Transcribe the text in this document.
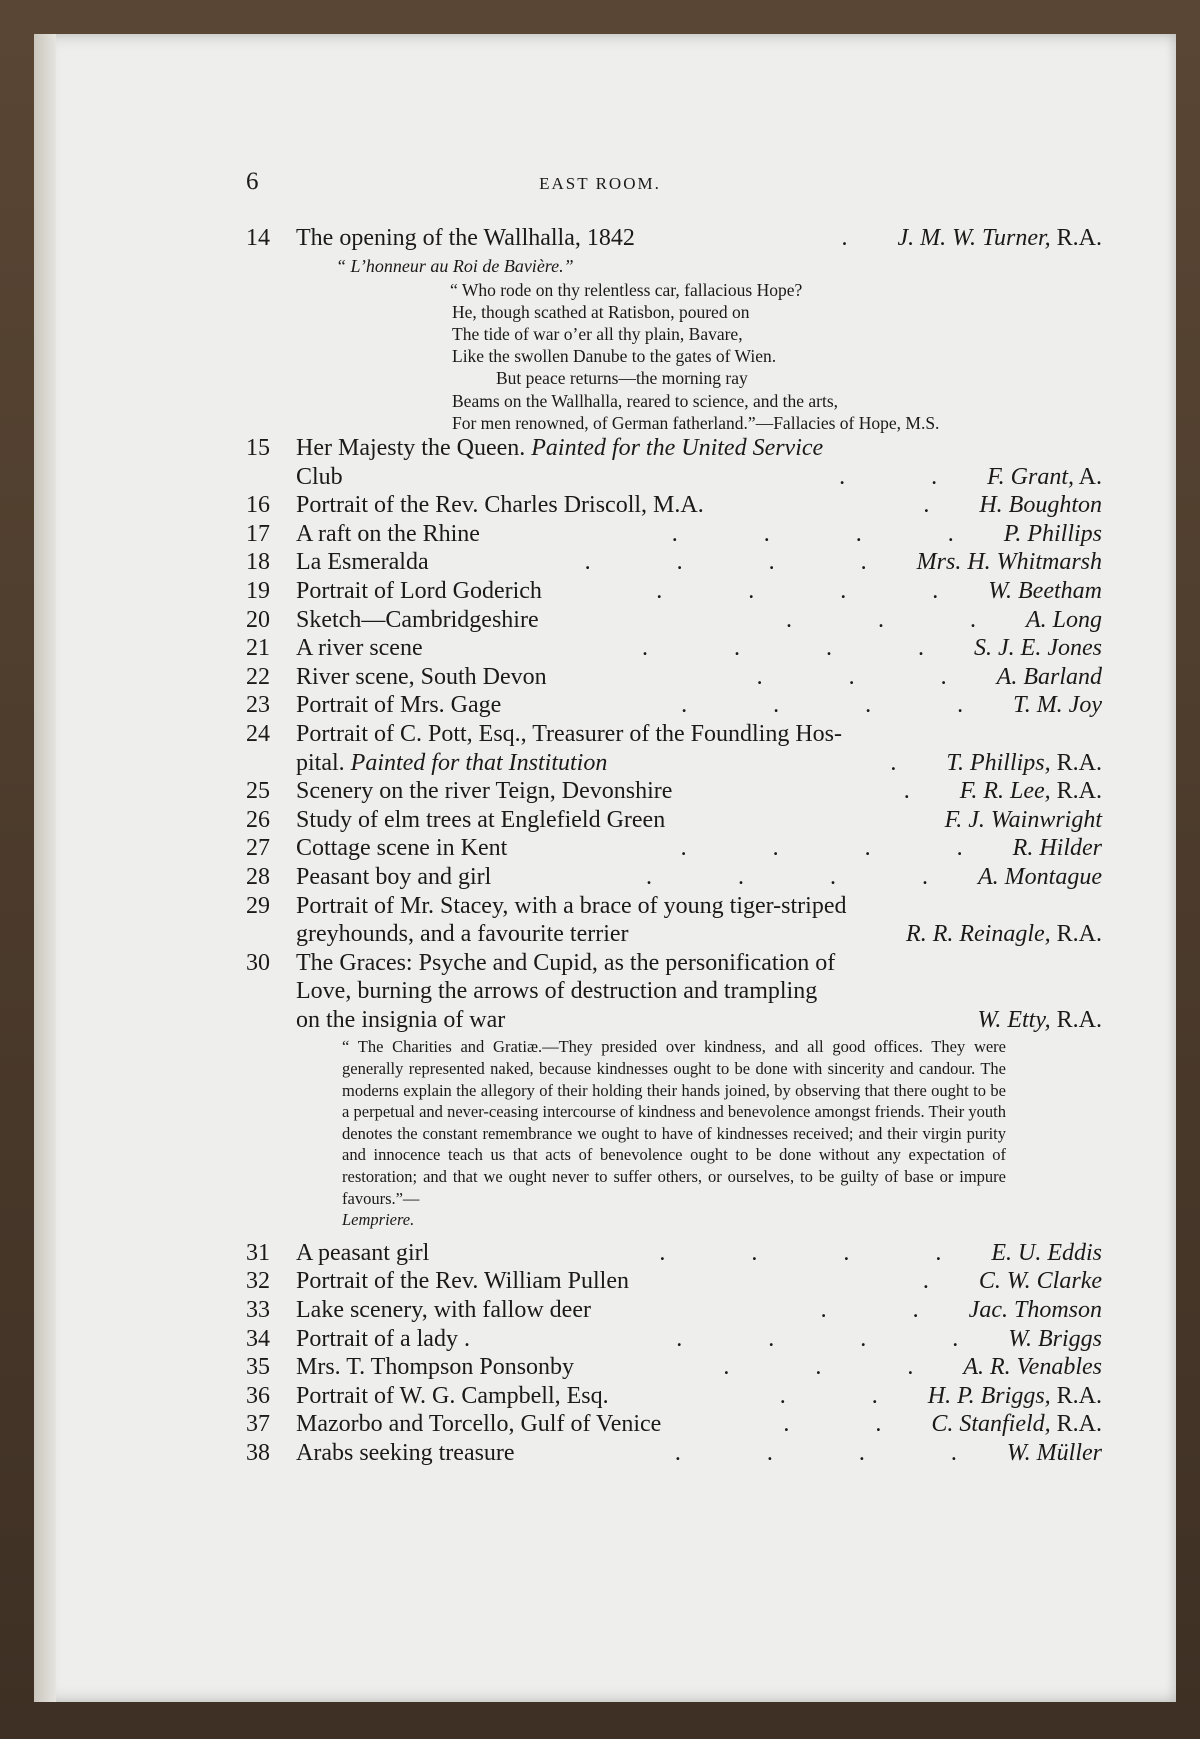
6	EAST ROOM.
14	The opening of the Wallhalla, 1842	. J. M. W. Turner, R.A.
“ L’honneur au Roi de Bavière.”
“ Who rode on thy relentless car, fallacious Hope?
He, though scathed at Ratisbon, poured on
The tide of war o’er all thy plain, Bavare,
Like the swollen Danube to the gates of Wien.
But peace returns—the morning ray
Beams on the Wallhalla, reared to science, and the arts,
For men renowned, of German fatherland.”—Fallacies of Hope, M.S.
15	Her Majesty the Queen. Painted for the United Service
Club	. . F. Grant, A.
16	Portrait of the Rev. Charles Driscoll, M.A.	. H. Boughton
17	A raft on the Rhine	. . . . P. Phillips
18	La Esmeralda	. . . . Mrs. H. Whitmarsh
19	Portrait of Lord Goderich	. . . . W. Beetham
20	Sketch—Cambridgeshire	. . . A. Long
21	A river scene	. . . . S. J. E. Jones
22	River scene, South Devon	. . . A. Barland
23	Portrait of Mrs. Gage	. . . . T. M. Joy
24	Portrait of C. Pott, Esq., Treasurer of the Foundling Hos-
pital. Painted for that Institution	. T. Phillips, R.A.
25	Scenery on the river Teign, Devonshire	. F. R. Lee, R.A.
26	Study of elm trees at Englefield Green	F. J. Wainwright
27	Cottage scene in Kent	. . . . R. Hilder
28	Peasant boy and girl	. . . . A. Montague
29	Portrait of Mr. Stacey, with a brace of young tiger-striped
greyhounds, and a favourite terrier	R. R. Reinagle, R.A.
30	The Graces: Psyche and Cupid, as the personification of
Love, burning the arrows of destruction and trampling
on the insignia of war	W. Etty, R.A.
“ The Charities and Gratiæ.—They presided over kindness, and all good offices. They were generally represented naked, because kindnesses ought to be done with sincerity and candour. The moderns explain the allegory of their holding their hands joined, by observing that there ought to be a perpetual and never-ceasing intercourse of kindness and benevolence amongst friends. Their youth denotes the constant remembrance we ought to have of kindnesses received; and their virgin purity and innocence teach us that acts of benevolence ought to be done without any expectation of restoration; and that we ought never to suffer others, or ourselves, to be guilty of base or impure favours.”—
Lempriere.
31	A peasant girl	. . . . E. U. Eddis
32	Portrait of the Rev. William Pullen	. C. W. Clarke
33	Lake scenery, with fallow deer	. . Jac. Thomson
34	Portrait of a lady .	. . . . W. Briggs
35	Mrs. T. Thompson Ponsonby	. . . A. R. Venables
36	Portrait of W. G. Campbell, Esq.	. . H. P. Briggs, R.A.
37	Mazorbo and Torcello, Gulf of Venice	. . C. Stanfield, R.A.
38	Arabs seeking treasure	. . . . W. Müller
